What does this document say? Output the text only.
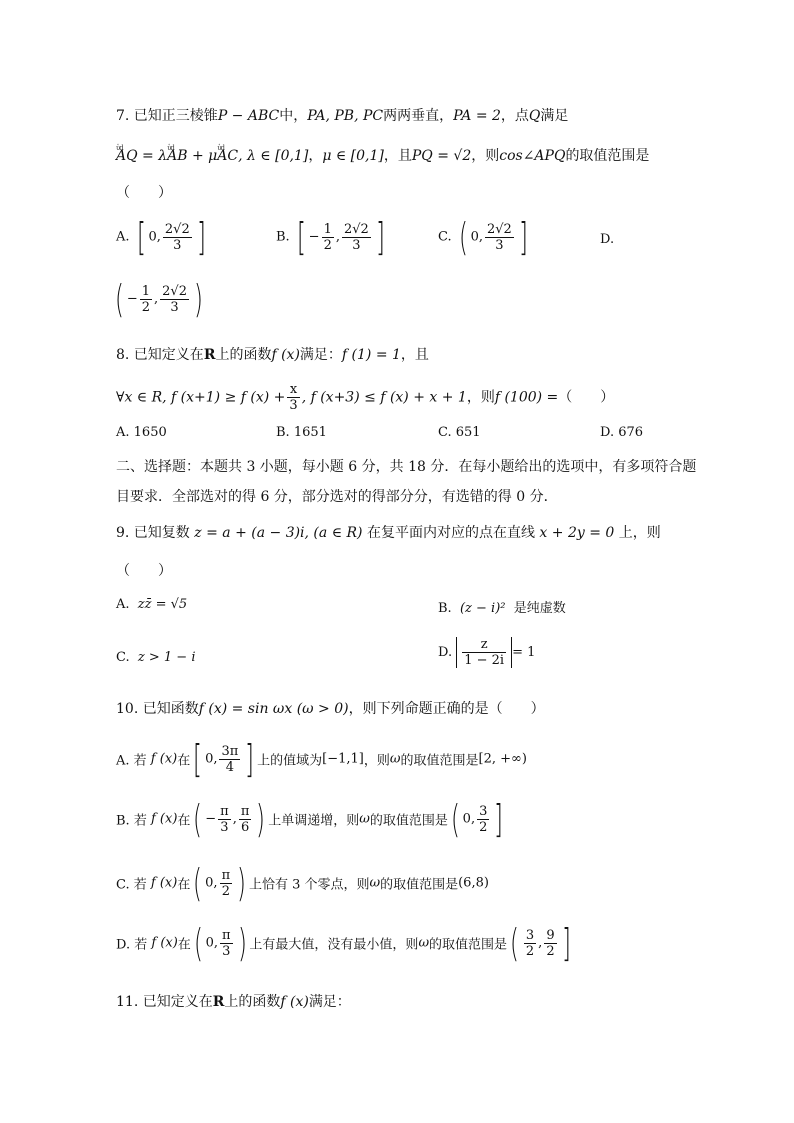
7. 已知正三棱锥P − ABC中，PA, PB, PC两两垂直，PA = 2，点Q满足
ὑd AQ = λὑd AB + μὑd AC, λ ∈ [0,1]，μ ∈ [0,1]，且PQ = √2，则cos∠APQ的取值范围是
（　　）
A. [ 0, $\frac{2√2}{3}$ ]	B. [ − $\frac{1}{2}$ , $\frac{2√2}{3}$ ]	C. ( 0, $\frac{2√2}{3}$ ]	D.
( − $\frac{1}{2}$ , $\frac{2√2}{3}$ )
8. 已知定义在R上的函数f (x)满足：f (1) = 1，且
∀x ∈ R, f (x+1) ≥ f $(x) + \frac{x}{3}$ , f (x+3) ≤ f (x) + x + 1，则f (100) =（　　）
A. 1650	B. 1651	C. 651	D. 676
二、选择题：本题共 3 小题，每小题 6 分，共 18 分．在每小题给出的选项中，有多项符合题
目要求．全部选对的得 6 分，部分选对的得部分分，有选错的得 0 分．
9. 已知复数 z = a + (a − 3)i, (a ∈ R) 在复平面内对应的点在直线 x + 2y = 0 上，则
（　　）
A. zz̄ = √5	B. (z − i)² 是纯虚数
C. z > 1 − i	D. $\frac{z}{1 - 2i} = 1$
10. 已知函数f (x) = sin ωx (ω > 0)，则下列命题正确的是（　　）
A. 若 f (x)在[ 0, $\frac{3\pi}{4}$ ] 上的值域为[−1,1]，则ω的取值范围是[2, +∞)
B. 若 f (x)在( − $\frac{\pi}{3}$ , $\frac{\pi}{6}$ ) 上单调递增，则ω的取值范围是( 0, $\frac{3}{2}$ ]
C. 若 f (x)在( 0, $\frac{\pi}{2}$ ) 上恰有 3 个零点，则ω的取值范围是(6,8)
D. 若 f (x)在( 0, $\frac{\pi}{3}$ ) 上有最大值，没有最小值，则ω的取值范围是( $\frac{3}{2}$ , $\frac{9}{2}$ ]
11. 已知定义在R上的函数f (x)满足：
